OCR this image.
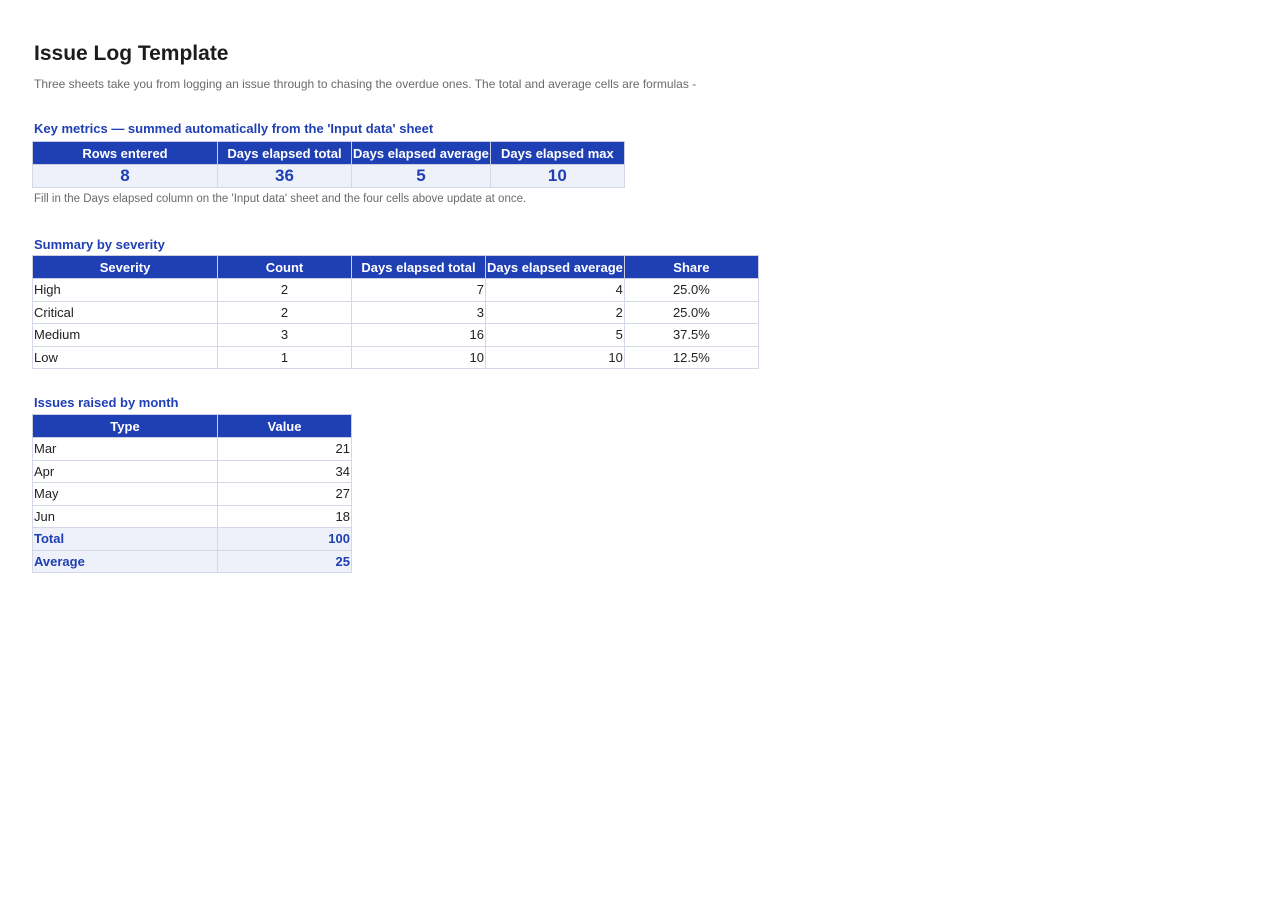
Issue Log Template
Three sheets take you from logging an issue through to chasing the overdue ones. The total and average cells are formulas -
Key metrics — summed automatically from the 'Input data' sheet
Rows entered	Days elapsed total	Days elapsed average	Days elapsed max
8	36	5	10
Fill in the Days elapsed column on the 'Input data' sheet and the four cells above update at once.
Summary by severity
Severity	Count	Days elapsed total	Days elapsed average	Share
High	2	7	4	25.0%
Critical	2	3	2	25.0%
Medium	3	16	5	37.5%
Low	1	10	10	12.5%
Issues raised by month
Type	Value
Mar	21
Apr	34
May	27
Jun	18
Total	100
Average	25
